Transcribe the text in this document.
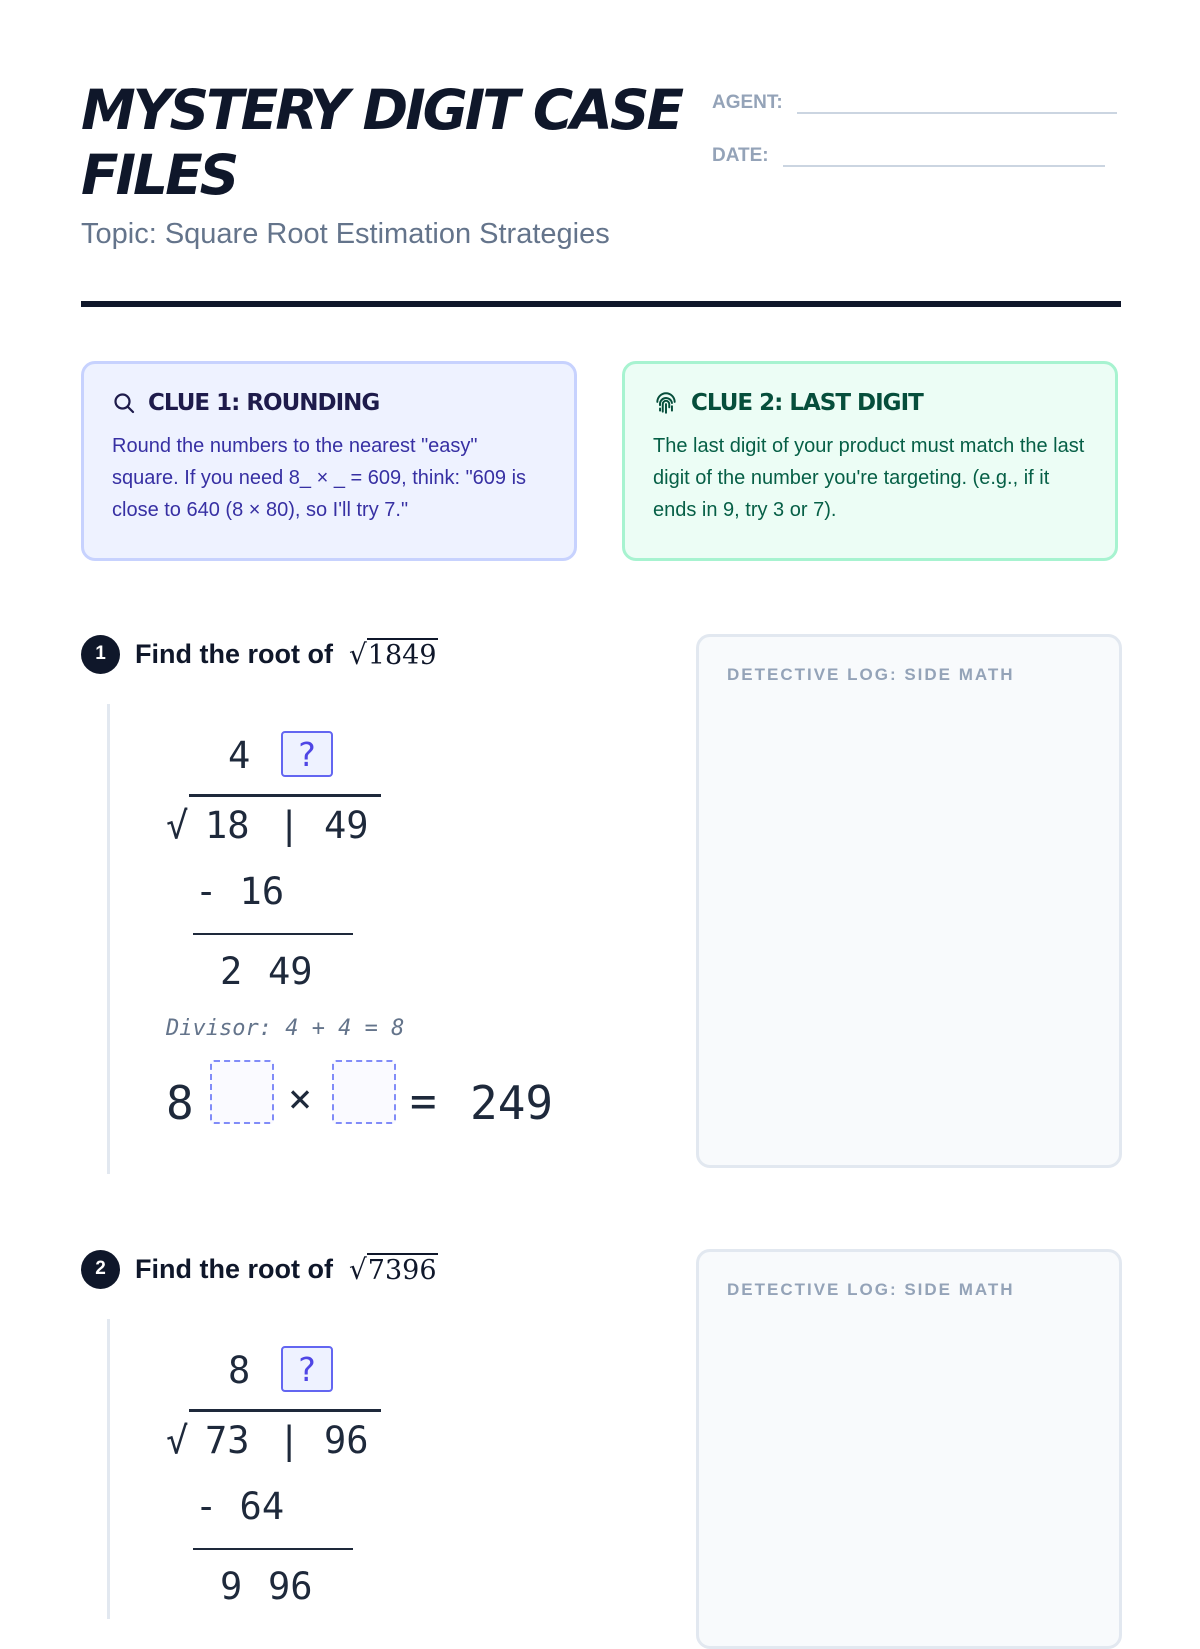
MYSTERY DIGIT CASE FILES
Topic: Square Root Estimation Strategies
AGENT:
DATE:
CLUE 1: ROUNDING
Round the numbers to the nearest "easy" square. If you need 8_ × _ = 609, think: "609 is close to 640 (8 × 80), so I'll try 7."
CLUE 2: LAST DIGIT
The last digit of your product must match the last digit of the number you're targeting. (e.g., if it ends in 9, try 3 or 7).
1	Find the root of √ 1849
4	?
√ 18 | 49
- 16
2 49
Divisor: 4 + 4 = 8
8 × = 249
DETECTIVE LOG: SIDE MATH
2	Find the root of √ 7396
8	?
√ 73 | 96
- 64
9 96
DETECTIVE LOG: SIDE MATH
